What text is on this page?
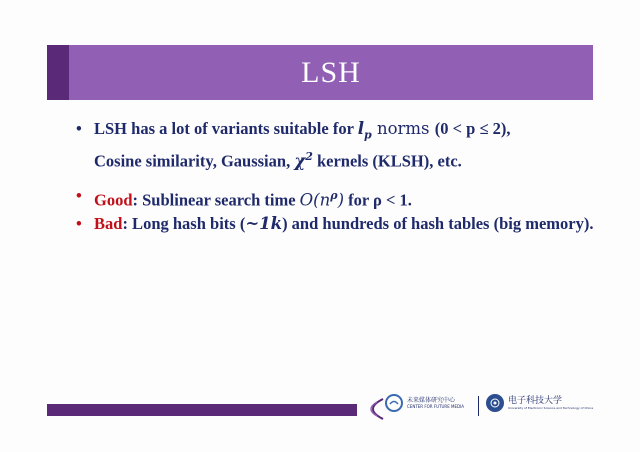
LSH
• LSH has a lot of variants suitable for $l_p$ norms (0 < p ≤ 2),
Cosine similarity, Gaussian, $\chi^2$ kernels (KLSH), etc.
• Good: Sublinear search time $O(n^\rho)$ for ρ < 1.
• Bad: Long hash bits (~1k) and hundreds of hash tables (big memory).
未来媒体研究中心
CENTER FOR FUTURE MEDIA
电子科技大学
University of Electronic Science and Technology of China
